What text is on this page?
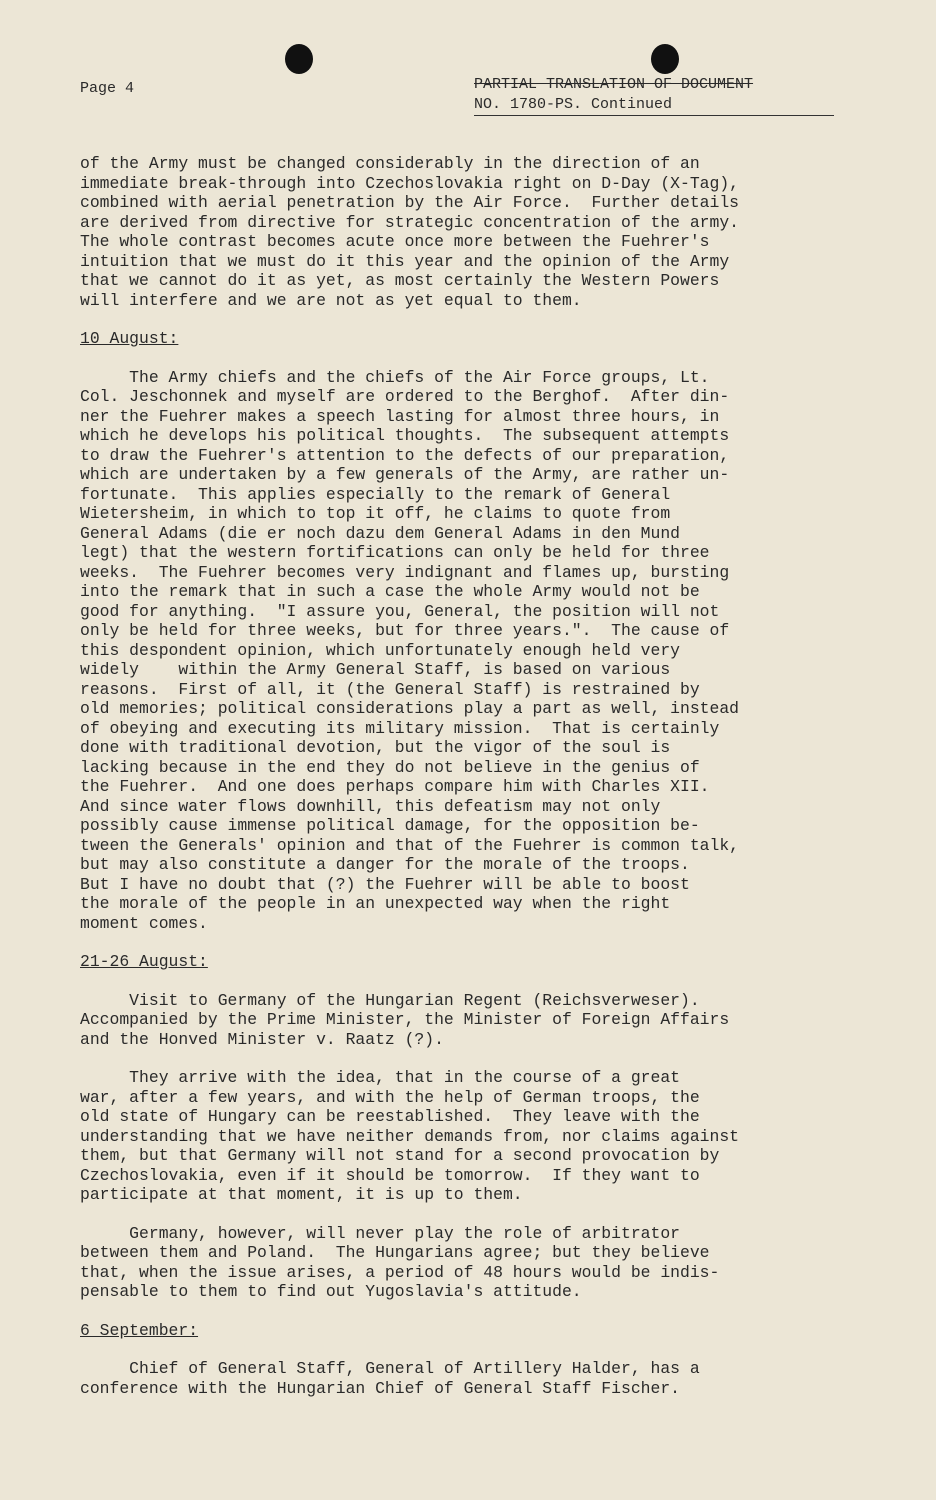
Page 4	PARTIAL TRANSLATION OF DOCUMENT
NO. 1780-PS. Continued

of the Army must be changed considerably in the direction of an

immediate break-through into Czechoslovakia right on D-Day (X-Tag),

combined with aerial penetration by the Air Force.  Further details

are derived from directive for strategic concentration of the army.

The whole contrast becomes acute once more between the Fuehrer's

intuition that we must do it this year and the opinion of the Army

that we cannot do it as yet, as most certainly the Western Powers

will interfere and we are not as yet equal to them.

10 August:

The Army chiefs and the chiefs of the Air Force groups, Lt.

Col. Jeschonnek and myself are ordered to the Berghof.  After din-

ner the Fuehrer makes a speech lasting for almost three hours, in

which he develops his political thoughts.  The subsequent attempts

to draw the Fuehrer's attention to the defects of our preparation,

which are undertaken by a few generals of the Army, are rather un-

fortunate.  This applies especially to the remark of General

Wietersheim, in which to top it off, he claims to quote from

General Adams (die er noch dazu dem General Adams in den Mund

legt) that the western fortifications can only be held for three

weeks.  The Fuehrer becomes very indignant and flames up, bursting

into the remark that in such a case the whole Army would not be

good for anything.  "I assure you, General, the position will not

only be held for three weeks, but for three years.".  The cause of

this despondent opinion, which unfortunately enough held very

widely    within the Army General Staff, is based on various

reasons.  First of all, it (the General Staff) is restrained by

old memories; political considerations play a part as well, instead

of obeying and executing its military mission.  That is certainly

done with traditional devotion, but the vigor of the soul is

lacking because in the end they do not believe in the genius of

the Fuehrer.  And one does perhaps compare him with Charles XII.

And since water flows downhill, this defeatism may not only

possibly cause immense political damage, for the opposition be-

tween the Generals' opinion and that of the Fuehrer is common talk,

but may also constitute a danger for the morale of the troops.

But I have no doubt that (?) the Fuehrer will be able to boost

the morale of the people in an unexpected way when the right

moment comes.

21-26 August:

Visit to Germany of the Hungarian Regent (Reichsverweser).

Accompanied by the Prime Minister, the Minister of Foreign Affairs

and the Honved Minister v. Raatz (?).

They arrive with the idea, that in the course of a great

war, after a few years, and with the help of German troops, the

old state of Hungary can be reestablished.  They leave with the

understanding that we have neither demands from, nor claims against

them, but that Germany will not stand for a second provocation by

Czechoslovakia, even if it should be tomorrow.  If they want to

participate at that moment, it is up to them.

Germany, however, will never play the role of arbitrator

between them and Poland.  The Hungarians agree; but they believe

that, when the issue arises, a period of 48 hours would be indis-

pensable to them to find out Yugoslavia's attitude.

6 September:

Chief of General Staff, General of Artillery Halder, has a

conference with the Hungarian Chief of General Staff Fischer.
